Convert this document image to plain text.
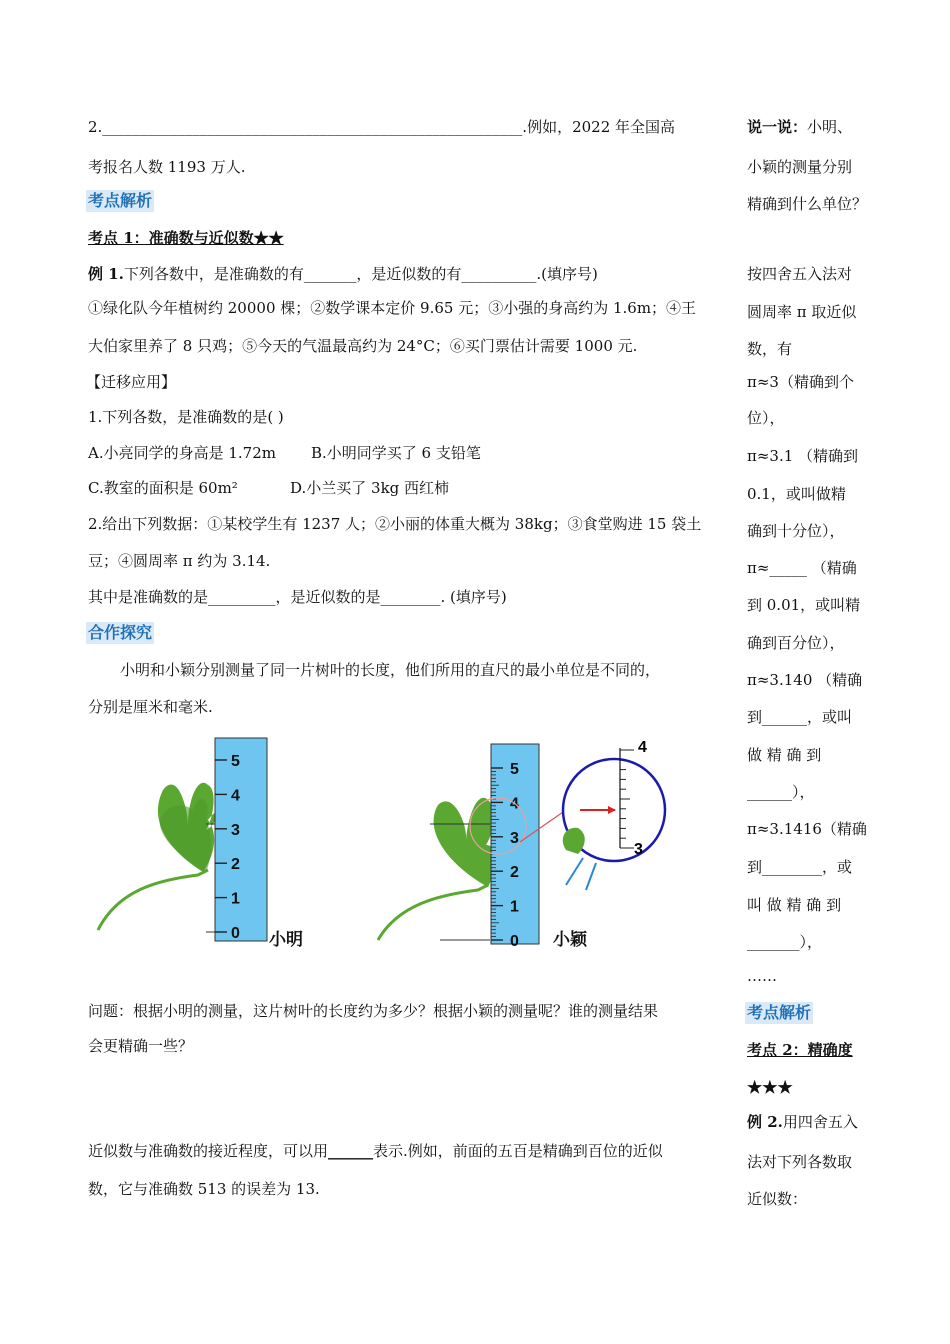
2.________________________________________________________.例如，2022 年全国高
考报名人数 1193 万人.
考点解析
考点 1：准确数与近似数★★
例 1.下列各数中，是准确数的有_______，是近似数的有__________.(填序号)
①绿化队今年植树约 20000 棵；②数学课本定价 9.65 元；③小强的身高约为 1.6m；④王
大伯家里养了 8 只鸡；⑤今天的气温最高约为 24°C；⑥买门票估计需要 1000 元.
【迁移应用】
1.下列各数，是准确数的是( )
A.小亮同学的身高是 1.72m B.小明同学买了 6 支铅笔
C.教室的面积是 60m²	D.小兰买了 3kg 西红柿
2.给出下列数据：①某校学生有 1237 人；②小丽的体重大概为 38kg；③食堂购进 15 袋土
豆；④圆周率 π 约为 3.14.
其中是准确数的是_________，是近似数的是________. (填序号)
合作探究
小明和小颖分别测量了同一片树叶的长度，他们所用的直尺的最小单位是不同的，
分别是厘米和毫米.
0
1
2
3
4
5
小明	0
1
2
3
4
5
小颖
4
3
问题：根据小明的测量，这片树叶的长度约为多少？根据小颖的测量呢？谁的测量结果
会更精确一些？
近似数与准确数的接近程度，可以用______表示.例如，前面的五百是精确到百位的近似
数，它与准确数 513 的误差为 13.
说一说：小明、
小颖的测量分别
精确到什么单位？
按四舍五入法对
圆周率 π 取近似
数，有
π≈3（精确到个
位），
π≈3.1 （精确到
0.1，或叫做精
确到十分位），
π≈_____ （精确
到 0.01，或叫精
确到百分位），
π≈3.140 （精确
到______，或叫
做 精 确 到
______），
π≈3.1416（精确
到________，或
叫 做 精 确 到
_______），
……
考点解析
考点 2：精确度
★★★
例 2.用四舍五入
法对下列各数取
近似数：
